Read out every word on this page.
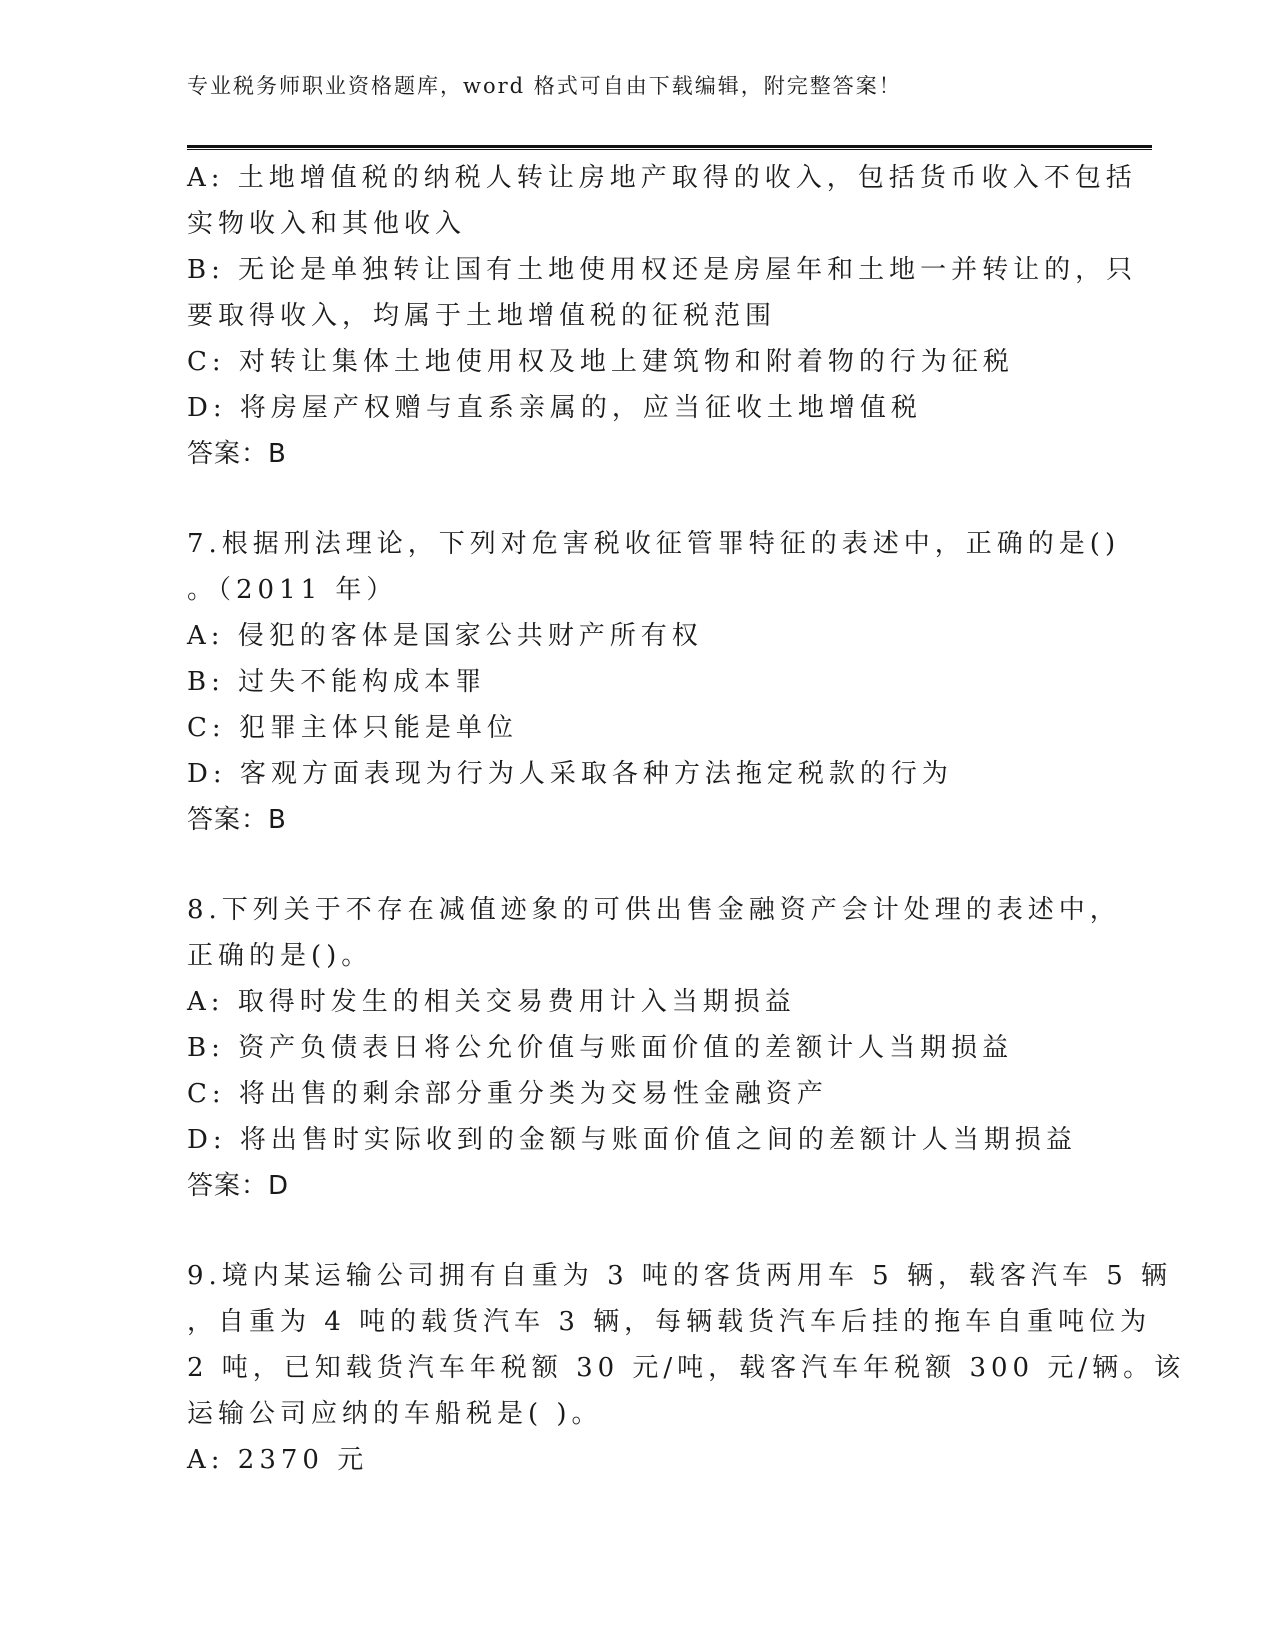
专业税务师职业资格题库，word 格式可自由下载编辑，附完整答案！
A: 土地增值税的纳税人转让房地产取得的收入，包括货币收入不包括
实物收入和其他收入
B: 无论是单独转让国有土地使用权还是房屋年和土地一并转让的，只
要取得收入，均属于土地增值税的征税范围
C: 对转让集体土地使用权及地上建筑物和附着物的行为征税
D: 将房屋产权赠与直系亲属的，应当征收土地增值税
答案：B
7.根据刑法理论，下列对危害税收征管罪特征的表述中，正确的是()
。（2011 年）
A: 侵犯的客体是国家公共财产所有权
B: 过失不能构成本罪
C: 犯罪主体只能是单位
D: 客观方面表现为行为人采取各种方法拖定税款的行为
答案：B
8.下列关于不存在减值迹象的可供出售金融资产会计处理的表述中，
正确的是()。
A: 取得时发生的相关交易费用计入当期损益
B: 资产负债表日将公允价值与账面价值的差额计人当期损益
C: 将出售的剩余部分重分类为交易性金融资产
D: 将出售时实际收到的金额与账面价值之间的差额计人当期损益
答案：D
9.境内某运输公司拥有自重为 3 吨的客货两用车 5 辆，载客汽车 5 辆
，自重为 4 吨的载货汽车 3 辆，每辆载货汽车后挂的拖车自重吨位为
2 吨，已知载货汽车年税额 30 元/吨，载客汽车年税额 300 元/辆。该
运输公司应纳的车船税是( )。
A: 2370 元
